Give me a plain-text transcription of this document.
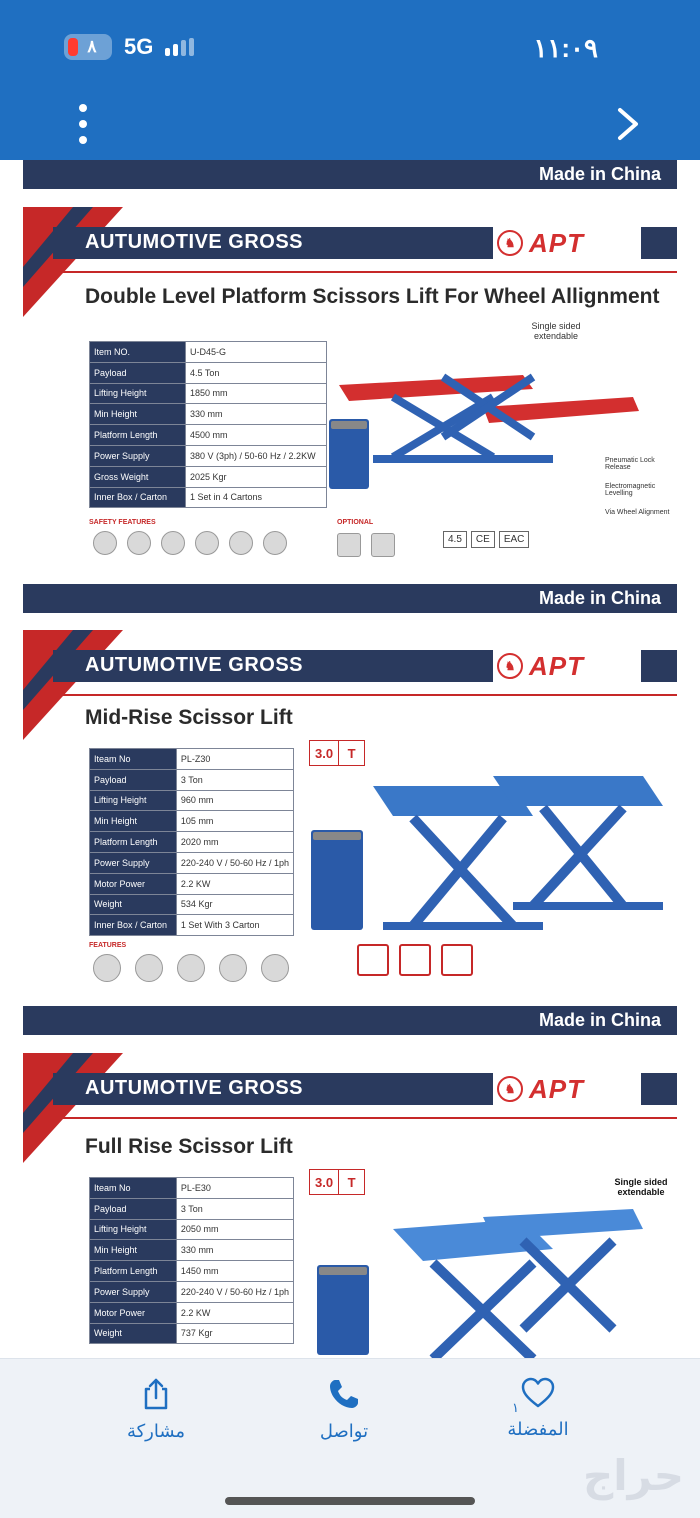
٨ 5G	١١:٠٩
Made in China
AUTUMOTIVE GROSS	♞ APT
Double Level Platform Scissors Lift For Wheel Allignment
Item NO.	U-D45-G
Payload	4.5 Ton
Lifting Height	1850 mm
Min Height	330 mm
Platform Length	4500 mm
Power Supply	380 V (3ph) / 50-60 Hz / 2.2KW
Gross Weight	2025 Kgr
Inner Box / Carton	1 Set in 4 Cartons
Single sided extendable
Pneumatic Lock Release
Electromagnetic Levelling
Via Wheel Alignment
SAFETY FEATURES	OPTIONAL
4.5	CE	EAC
Made in China
AUTUMOTIVE GROSS	♞ APT
Mid-Rise Scissor Lift
Iteam No	PL-Z30
Payload	3 Ton
Lifting Height	960 mm
Min Height	105 mm
Platform Length	2020 mm
Power Supply	220-240 V / 50-60 Hz / 1ph
Motor Power	2.2 KW
Weight	534 Kgr
Inner Box / Carton	1 Set With 3 Carton
3.0	T
FEATURES
Made in China
AUTUMOTIVE GROSS	♞ APT
Full Rise Scissor Lift
Iteam No	PL-E30
Payload	3 Ton
Lifting Height	2050 mm
Min Height	330 mm
Platform Length	1450 mm
Power Supply	220-240 V / 50-60 Hz / 1ph
Motor Power	2.2 KW
Weight	737 Kgr
3.0	T	Single sided extendable
مشاركة	تواصل
١
المفضلة
حراج
